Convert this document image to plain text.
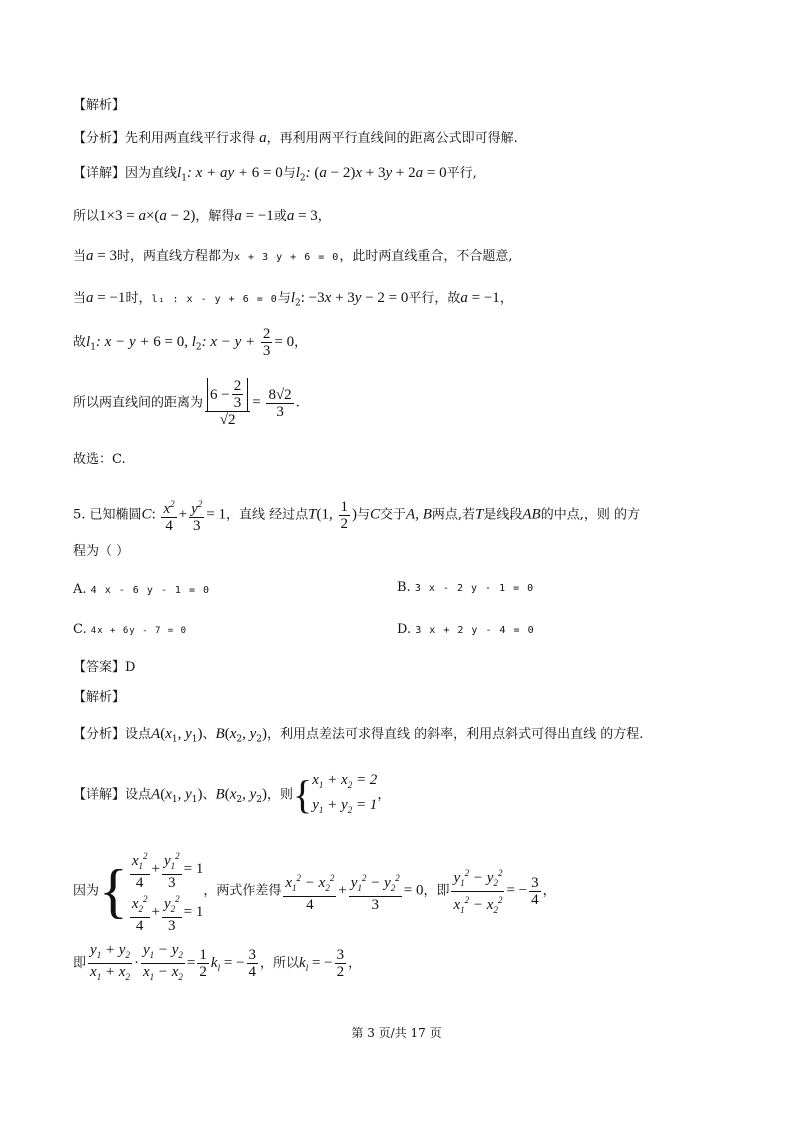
【解析】
【分析】先利用两直线平行求得 a，再利用两平行直线间的距离公式即可得解.
【详解】因为直线$l_1$: x + ay + 6 = 0与$l_2$: (a − 2)x + 3y + 2a = 0平行,
所以1×3 = a×(a − 2)，解得a = −1或a = 3，
当a = 3时，两直线方程都为x + 3 y + 6 = 0，此时两直线重合，不合题意,
当a = −1时，l₁ : x - y + 6 = 0与$l_2$: −3x + 3y − 2 = 0平行，故a = −1，
故$l_1$: x − y + 6 = 0, $l_2$: $x - y + \frac{2}{3} = 0$，
所以两直线间的距离为 $\frac{6 - \frac{2}{3}}{√2} = \frac{8√2}{3}$ .
故选：C.
5. 已知椭圆C: $\frac{x^2}{4} + \frac{y^2}{3} = 1$，直线 经过点T(1, $\frac{1}{2}$ )与C交于A, B两点,若T是线段AB的中点,，则 的方
程为（ ）
A. 4 x - 6 y - 1 = 0	B. 3 x - 2 y - 1 = 0
C. 4x + 6y - 7 = 0	D. 3 x + 2 y - 4 = 0
【答案】D
【解析】
【分析】设点$A(x_1$, $y_1$)、$B(x_2$, $y_2$)，利用点差法可求得直线 的斜率，利用点斜式可得出直线 的方程.
【详解】设点$A(x_1$, $y_1$)、$B(x_2$, $y_2$)，则{ $x_1 + x_2 = 2$
$y_1 + y_2 = 1$
，
因为{ $\frac{x_1^2}{4} + \frac{y_1^2}{3} = 1$
$\frac{x_2^2}{4} + \frac{y_2^2}{3} = 1$
，两式作差得 $\frac{x_1^2 - x_2^2}{4} + \frac{y_1^2 - y_2^2}{3} = 0$，即 $\frac{y_1^2 - y_2^2}{x_1^2 - x_2^2}$ = − $\frac{3}{4}$ ，
即 $\frac{y_1 + y_2}{x_1 + x_2} \cdot \frac{y_1 - y_2}{x_1 - x_2} = \frac{1}{2} k_l$ = − $\frac{3}{4}$ ，所以$k_l$ = − $\frac{3}{2}$ ，
第 3 页/共 17 页
